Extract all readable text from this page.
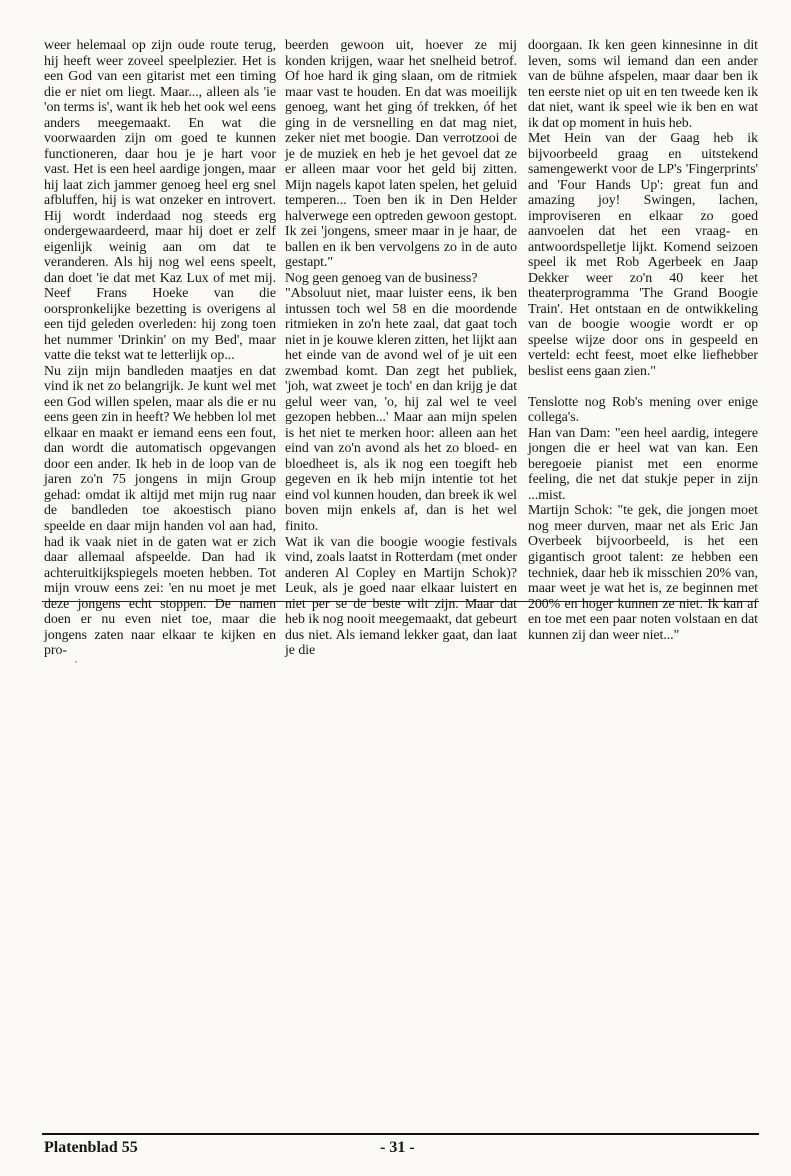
weer helemaal op zijn oude route terug, hij heeft weer zoveel speelplezier. Het is een God van een gitarist met een timing die er niet om liegt. Maar..., alleen als 'ie 'on terms is', want ik heb het ook wel eens anders meegemaakt. En wat die voorwaarden zijn om goed te kunnen functioneren, daar hou je je hart voor vast. Het is een heel aardige jongen, maar hij laat zich jammer genoeg heel erg snel afbluffen, hij is wat onzeker en introvert. Hij wordt inderdaad nog steeds erg ondergewaardeerd, maar hij doet er zelf eigenlijk weinig aan om dat te veranderen. Als hij nog wel eens speelt, dan doet 'ie dat met Kaz Lux of met mij. Neef Frans Hoeke van die oorspronkelijke bezetting is overigens al een tijd geleden overleden: hij zong toen het nummer 'Drinkin' on my Bed', maar vatte die tekst wat te letterlijk op...

Nu zijn mijn bandleden maatjes en dat vind ik net zo belangrijk. Je kunt wel met een God willen spelen, maar als die er nu eens geen zin in heeft? We hebben lol met elkaar en maakt er iemand eens een fout, dan wordt die automatisch opgevangen door een ander. Ik heb in de loop van de jaren zo'n 75 jongens in mijn Group gehad: omdat ik altijd met mijn rug naar de bandleden toe akoestisch piano speelde en daar mijn handen vol aan had, had ik vaak niet in de gaten wat er zich daar allemaal afspeelde. Dan had ik achteruitkijkspiegels moeten hebben. Tot mijn vrouw eens zei: 'en nu moet je met deze jongens echt stoppen. De namen doen er nu even niet toe, maar die jongens zaten naar elkaar te kijken en pro-

beerden gewoon uit, hoever ze mij konden krijgen, waar het snelheid betrof. Of hoe hard ik ging slaan, om de ritmiek maar vast te houden. En dat was moeilijk genoeg, want het ging óf trekken, óf het ging in de versnelling en dat mag niet, zeker niet met boogie. Dan verrotzooi de je de muziek en heb je het gevoel dat ze er alleen maar voor het geld bij zitten. Mijn nagels kapot laten spelen, het geluid temperen... Toen ben ik in Den Helder halverwege een optreden gewoon gestopt. Ik zei 'jongens, smeer maar in je haar, de ballen en ik ben vervolgens zo in de auto gestapt."

Nog geen genoeg van de business?

"Absoluut niet, maar luister eens, ik ben intussen toch wel 58 en die moordende ritmieken in zo'n hete zaal, dat gaat toch niet in je kouwe kleren zitten, het lijkt aan het einde van de avond wel of je uit een zwembad komt. Dan zegt het publiek, 'joh, wat zweet je toch' en dan krijg je dat gelul weer van, 'o, hij zal wel te veel gezopen hebben...' Maar aan mijn spelen is het niet te merken hoor: alleen aan het eind van zo'n avond als het zo bloed- en bloedheet is, als ik nog een toegift heb gegeven en ik heb mijn intentie tot het eind vol kunnen houden, dan breek ik wel boven mijn enkels af, dan is het wel finito.

Wat ik van die boogie woogie festivals vind, zoals laatst in Rotterdam (met onder anderen Al Copley en Martijn Schok)? Leuk, als je goed naar elkaar luistert en niet per se de beste wilt zijn. Maar dat heb ik nog nooit meegemaakt, dat gebeurt dus niet. Als iemand lekker gaat, dan laat je die

doorgaan. Ik ken geen kinnesinne in dit leven, soms wil iemand dan een ander van de bühne afspelen, maar daar ben ik ten eerste niet op uit en ten tweede ken ik dat niet, want ik speel wie ik ben en wat ik dat op moment in huis heb.

Met Hein van der Gaag heb ik bijvoorbeeld graag en uitstekend samengewerkt voor de LP's 'Fingerprints' and 'Four Hands Up': great fun and amazing joy! Swingen, lachen, improviseren en elkaar zo goed aanvoelen dat het een vraag- en antwoordspelletje lijkt. Komend seizoen speel ik met Rob Agerbeek en Jaap Dekker weer zo'n 40 keer het theaterprogramma 'The Grand Boogie Train'. Het ontstaan en de ontwikkeling van de boogie woogie wordt er op speelse wijze door ons in gespeeld en verteld: echt feest, moet elke liefhebber beslist eens gaan zien."

Tenslotte nog Rob's mening over enige collega's.

Han van Dam: "een heel aardig, integere jongen die er heel wat van kan. Een beregoeie pianist met een enorme feeling, die net dat stukje peper in zijn ...mist.

Martijn Schok: "te gek, die jongen moet nog meer durven, maar net als Eric Jan Overbeek bijvoorbeeld, is het een gigantisch groot talent: ze hebben een techniek, daar heb ik misschien 20% van, maar weet je wat het is, ze beginnen met 200% en hoger kunnen ze niet. Ik kan af en toe met een paar noten volstaan en dat kunnen zij dan weer niet..."

Platenblad 55	- 31 -
